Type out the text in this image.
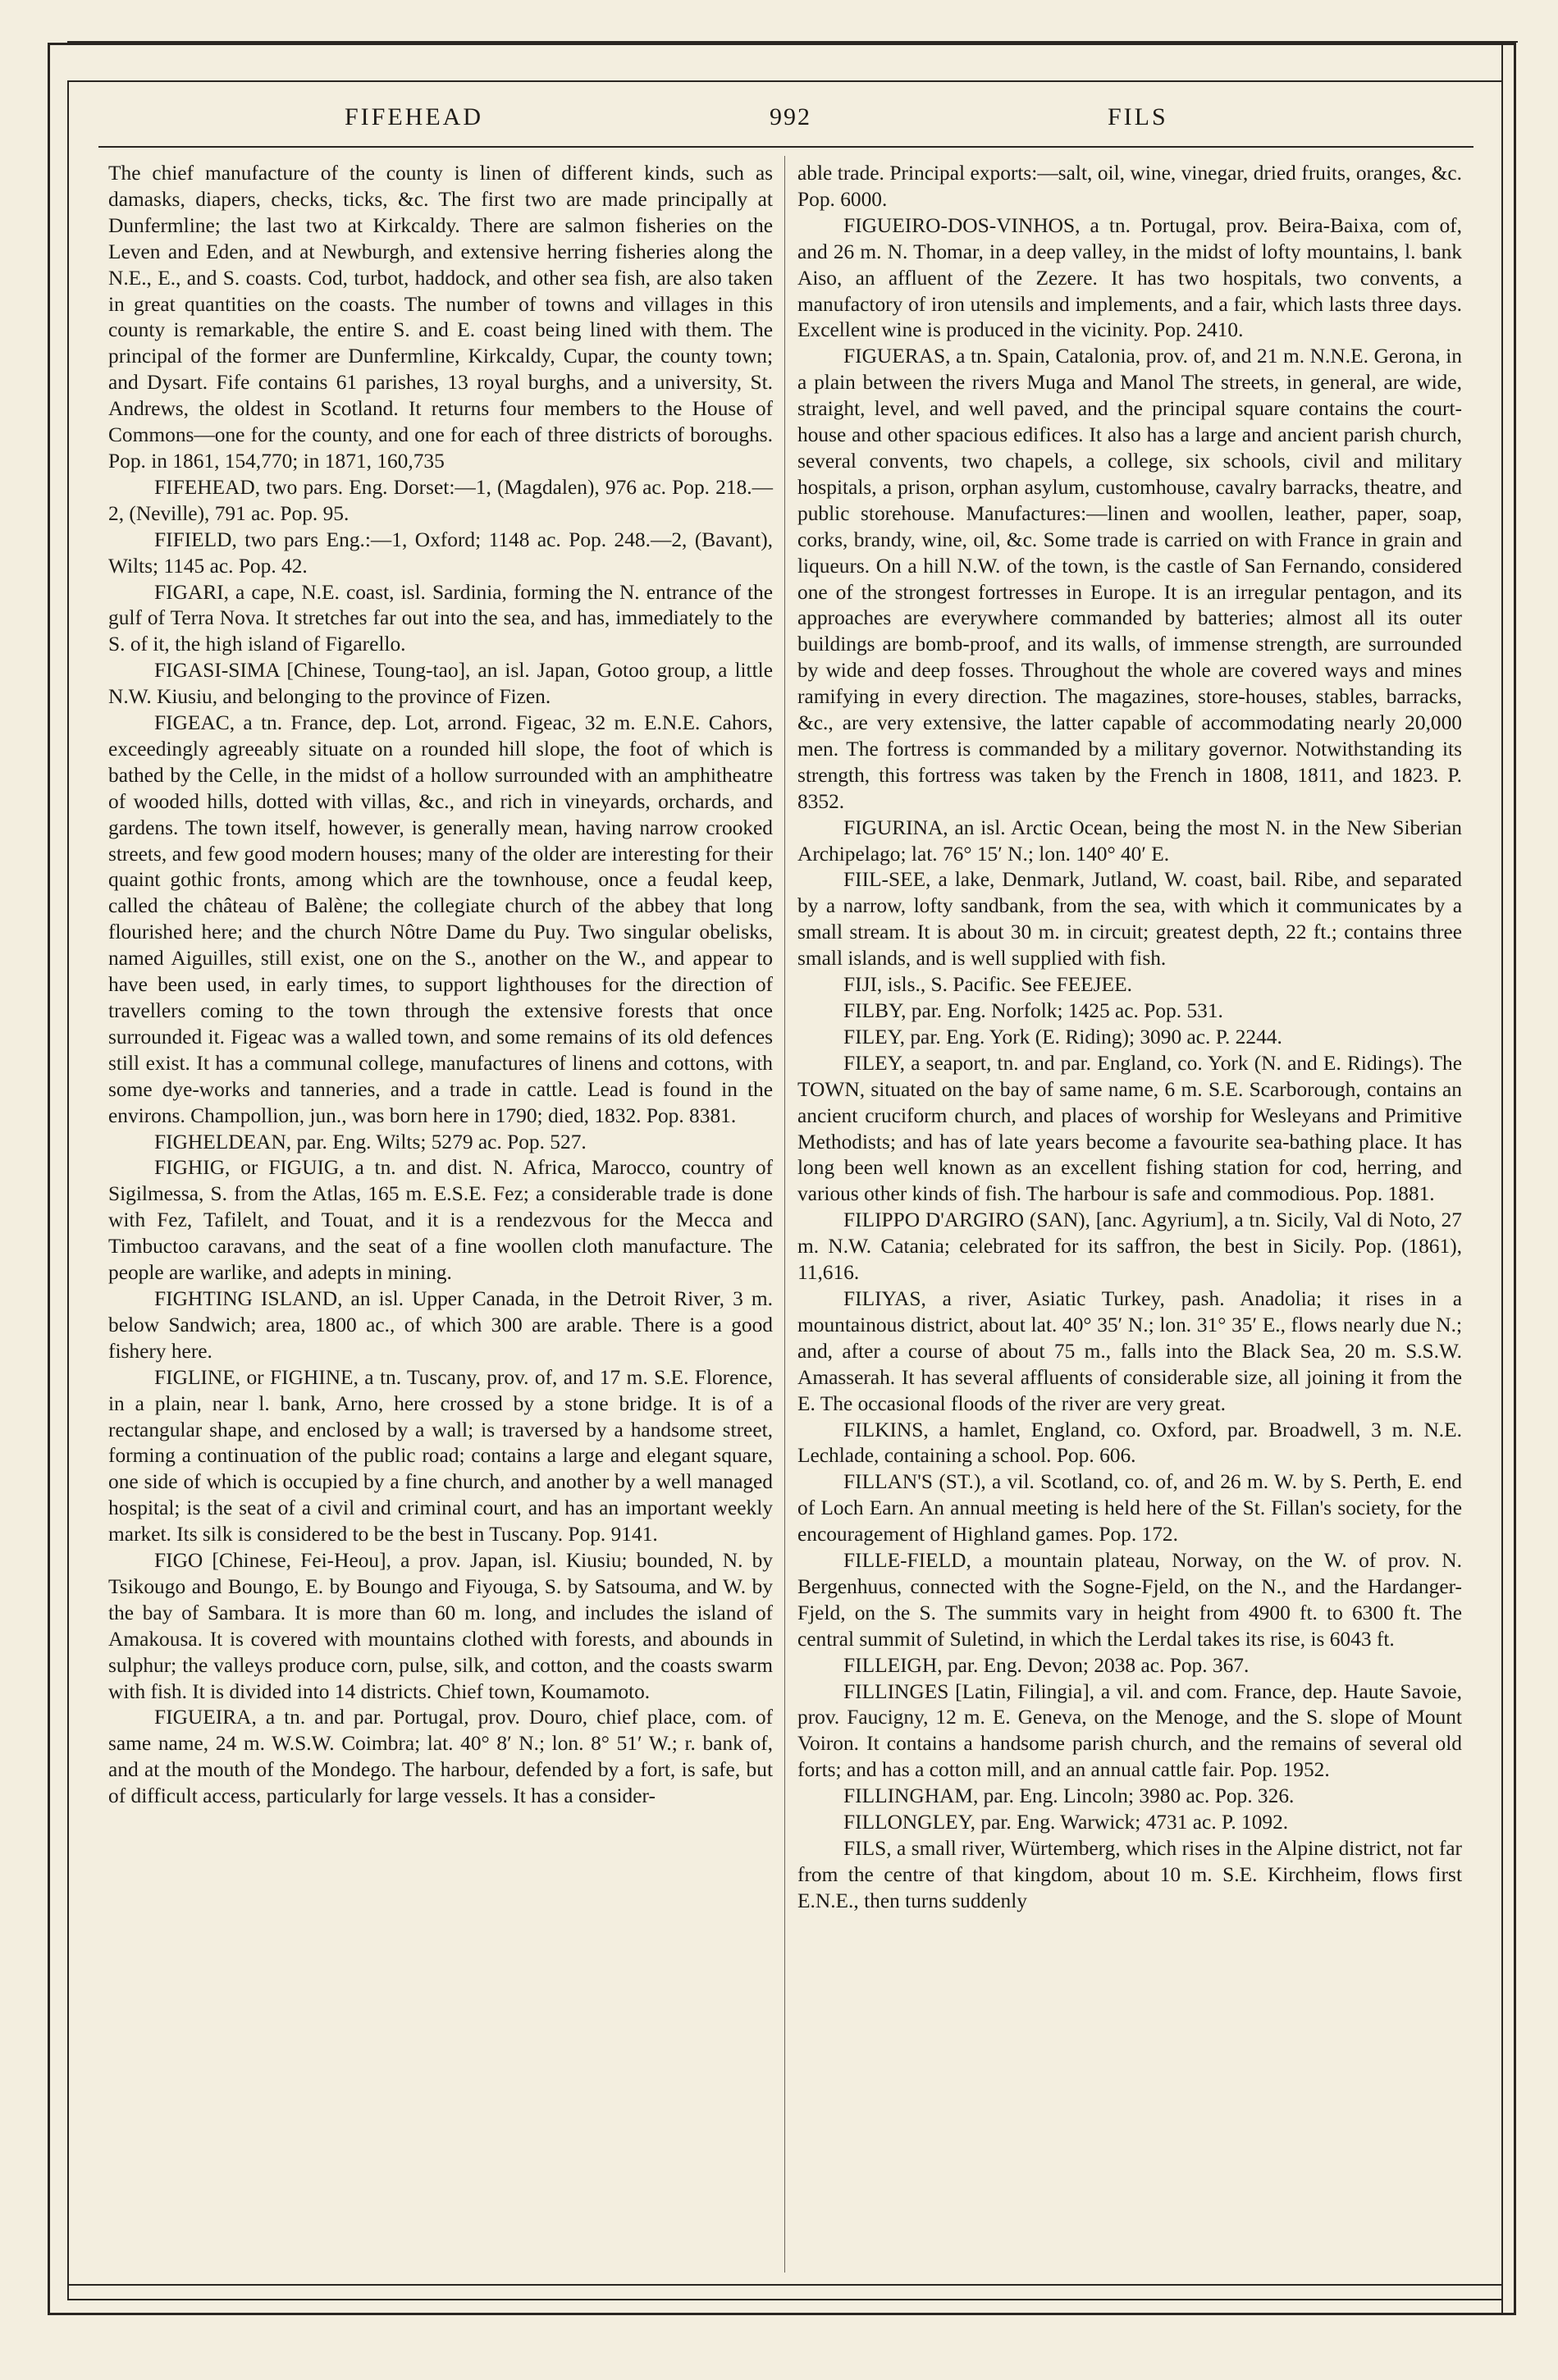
FIFEHEAD	992	FILS

The chief manufacture of the county is linen of different kinds, such as damasks, diapers, checks, ticks, &c. The first two are made principally at Dunfermline; the last two at Kirkcaldy. There are salmon fisheries on the Leven and Eden, and at Newburgh, and extensive herring fisheries along the N.E., E., and S. coasts. Cod, turbot, haddock, and other sea fish, are also taken in great quantities on the coasts. The number of towns and villages in this county is remarkable, the entire S. and E. coast being lined with them. The principal of the former are Dunfermline, Kirkcaldy, Cupar, the county town; and Dysart. Fife contains 61 parishes, 13 royal burghs, and a university, St. Andrews, the oldest in Scotland. It returns four members to the House of Commons—one for the county, and one for each of three districts of boroughs. Pop. in 1861, 154,770; in 1871, 160,735

FIFEHEAD, two pars. Eng. Dorset:—1, (Magdalen), 976 ac. Pop. 218.—2, (Neville), 791 ac. Pop. 95.

FIFIELD, two pars Eng.:—1, Oxford; 1148 ac. Pop. 248.—2, (Bavant), Wilts; 1145 ac. Pop. 42.

FIGARI, a cape, N.E. coast, isl. Sardinia, forming the N. entrance of the gulf of Terra Nova. It stretches far out into the sea, and has, immediately to the S. of it, the high island of Figarello.

FIGASI-SIMA [Chinese, Toung-tao], an isl. Japan, Gotoo group, a little N.W. Kiusiu, and belonging to the province of Fizen.

FIGEAC, a tn. France, dep. Lot, arrond. Figeac, 32 m. E.N.E. Cahors, exceedingly agreeably situate on a rounded hill slope, the foot of which is bathed by the Celle, in the midst of a hollow surrounded with an amphitheatre of wooded hills, dotted with villas, &c., and rich in vineyards, orchards, and gardens. The town itself, however, is generally mean, having narrow crooked streets, and few good modern houses; many of the older are interesting for their quaint gothic fronts, among which are the townhouse, once a feudal keep, called the château of Balène; the collegiate church of the abbey that long flourished here; and the church Nôtre Dame du Puy. Two singular obelisks, named Aiguilles, still exist, one on the S., another on the W., and appear to have been used, in early times, to support lighthouses for the direction of travellers coming to the town through the extensive forests that once surrounded it. Figeac was a walled town, and some remains of its old defences still exist. It has a communal college, manufactures of linens and cottons, with some dye-works and tanneries, and a trade in cattle. Lead is found in the environs. Champollion, jun., was born here in 1790; died, 1832. Pop. 8381.

FIGHELDEAN, par. Eng. Wilts; 5279 ac. Pop. 527.

FIGHIG, or FIGUIG, a tn. and dist. N. Africa, Marocco, country of Sigilmessa, S. from the Atlas, 165 m. E.S.E. Fez; a considerable trade is done with Fez, Tafilelt, and Touat, and it is a rendezvous for the Mecca and Timbuctoo caravans, and the seat of a fine woollen cloth manufacture. The people are warlike, and adepts in mining.

FIGHTING ISLAND, an isl. Upper Canada, in the Detroit River, 3 m. below Sandwich; area, 1800 ac., of which 300 are arable. There is a good fishery here.

FIGLINE, or FIGHINE, a tn. Tuscany, prov. of, and 17 m. S.E. Florence, in a plain, near l. bank, Arno, here crossed by a stone bridge. It is of a rectangular shape, and enclosed by a wall; is traversed by a handsome street, forming a continuation of the public road; contains a large and elegant square, one side of which is occupied by a fine church, and another by a well managed hospital; is the seat of a civil and criminal court, and has an important weekly market. Its silk is considered to be the best in Tuscany. Pop. 9141.

FIGO [Chinese, Fei-Heou], a prov. Japan, isl. Kiusiu; bounded, N. by Tsikougo and Boungo, E. by Boungo and Fiyouga, S. by Satsouma, and W. by the bay of Sambara. It is more than 60 m. long, and includes the island of Amakousa. It is covered with mountains clothed with forests, and abounds in sulphur; the valleys produce corn, pulse, silk, and cotton, and the coasts swarm with fish. It is divided into 14 districts. Chief town, Koumamoto.

FIGUEIRA, a tn. and par. Portugal, prov. Douro, chief place, com. of same name, 24 m. W.S.W. Coimbra; lat. 40° 8′ N.; lon. 8° 51′ W.; r. bank of, and at the mouth of the Mondego. The harbour, defended by a fort, is safe, but of difficult access, particularly for large vessels. It has a consider-

able trade. Principal exports:—salt, oil, wine, vinegar, dried fruits, oranges, &c. Pop. 6000.

FIGUEIRO-DOS-VINHOS, a tn. Portugal, prov. Beira-Baixa, com of, and 26 m. N. Thomar, in a deep valley, in the midst of lofty mountains, l. bank Aiso, an affluent of the Zezere. It has two hospitals, two convents, a manufactory of iron utensils and implements, and a fair, which lasts three days. Excellent wine is produced in the vicinity. Pop. 2410.

FIGUERAS, a tn. Spain, Catalonia, prov. of, and 21 m. N.N.E. Gerona, in a plain between the rivers Muga and Manol The streets, in general, are wide, straight, level, and well paved, and the principal square contains the court-house and other spacious edifices. It also has a large and ancient parish church, several convents, two chapels, a college, six schools, civil and military hospitals, a prison, orphan asylum, customhouse, cavalry barracks, theatre, and public storehouse. Manufactures:—linen and woollen, leather, paper, soap, corks, brandy, wine, oil, &c. Some trade is carried on with France in grain and liqueurs. On a hill N.W. of the town, is the castle of San Fernando, considered one of the strongest fortresses in Europe. It is an irregular pentagon, and its approaches are everywhere commanded by batteries; almost all its outer buildings are bomb-proof, and its walls, of immense strength, are surrounded by wide and deep fosses. Throughout the whole are covered ways and mines ramifying in every direction. The magazines, store-houses, stables, barracks, &c., are very extensive, the latter capable of accommodating nearly 20,000 men. The fortress is commanded by a military governor. Notwithstanding its strength, this fortress was taken by the French in 1808, 1811, and 1823. P. 8352.

FIGURINA, an isl. Arctic Ocean, being the most N. in the New Siberian Archipelago; lat. 76° 15′ N.; lon. 140° 40′ E.

FIIL-SEE, a lake, Denmark, Jutland, W. coast, bail. Ribe, and separated by a narrow, lofty sandbank, from the sea, with which it communicates by a small stream. It is about 30 m. in circuit; greatest depth, 22 ft.; contains three small islands, and is well supplied with fish.

FIJI, isls., S. Pacific. See FEEJEE.

FILBY, par. Eng. Norfolk; 1425 ac. Pop. 531.

FILEY, par. Eng. York (E. Riding); 3090 ac. P. 2244.

FILEY, a seaport, tn. and par. England, co. York (N. and E. Ridings). The TOWN, situated on the bay of same name, 6 m. S.E. Scarborough, contains an ancient cruciform church, and places of worship for Wesleyans and Primitive Methodists; and has of late years become a favourite sea-bathing place. It has long been well known as an excellent fishing station for cod, herring, and various other kinds of fish. The harbour is safe and commodious. Pop. 1881.

FILIPPO D'ARGIRO (SAN), [anc. Agyrium], a tn. Sicily, Val di Noto, 27 m. N.W. Catania; celebrated for its saffron, the best in Sicily. Pop. (1861), 11,616.

FILIYAS, a river, Asiatic Turkey, pash. Anadolia; it rises in a mountainous district, about lat. 40° 35′ N.; lon. 31° 35′ E., flows nearly due N.; and, after a course of about 75 m., falls into the Black Sea, 20 m. S.S.W. Amasserah. It has several affluents of considerable size, all joining it from the E. The occasional floods of the river are very great.

FILKINS, a hamlet, England, co. Oxford, par. Broadwell, 3 m. N.E. Lechlade, containing a school. Pop. 606.

FILLAN'S (ST.), a vil. Scotland, co. of, and 26 m. W. by S. Perth, E. end of Loch Earn. An annual meeting is held here of the St. Fillan's society, for the encouragement of Highland games. Pop. 172.

FILLE-FIELD, a mountain plateau, Norway, on the W. of prov. N. Bergenhuus, connected with the Sogne-Fjeld, on the N., and the Hardanger-Fjeld, on the S. The summits vary in height from 4900 ft. to 6300 ft. The central summit of Suletind, in which the Lerdal takes its rise, is 6043 ft.

FILLEIGH, par. Eng. Devon; 2038 ac. Pop. 367.

FILLINGES [Latin, Filingia], a vil. and com. France, dep. Haute Savoie, prov. Faucigny, 12 m. E. Geneva, on the Menoge, and the S. slope of Mount Voiron. It contains a handsome parish church, and the remains of several old forts; and has a cotton mill, and an annual cattle fair. Pop. 1952.

FILLINGHAM, par. Eng. Lincoln; 3980 ac. Pop. 326.

FILLONGLEY, par. Eng. Warwick; 4731 ac. P. 1092.

FILS, a small river, Würtemberg, which rises in the Alpine district, not far from the centre of that kingdom, about 10 m. S.E. Kirchheim, flows first E.N.E., then turns suddenly
